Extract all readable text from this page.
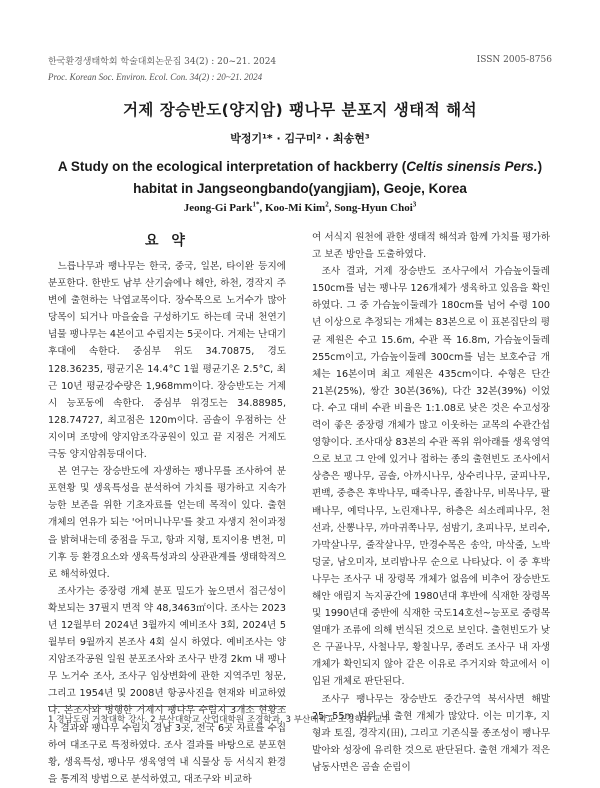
한국환경생태학회 학술대회논문집 34(2) : 20~21. 2024
Proc. Korean Soc. Environ. Ecol. Con. 34(2) : 20~21. 2024
ISSN 2005-8756
거제 장승반도(양지암) 팽나무 분포지 생태적 해석
박정기¹* · 김구미² · 최송현³
A Study on the ecological interpretation of hackberry (Celtis sinensis Pers.) habitat in Jangseongbando(yangjiam), Geoje, Korea
Jeong-Gi Park$^{1*}$, Koo-Mi Kim$^2$, Song-Hyun Choi$^3$
요 약

느릅나무과 팽나무는 한국, 중국, 일본, 타이완 등지에 분포한다. 한반도 남부 산기슭에나 해안, 하천, 경작지 주변에 출현하는 낙엽교목이다. 장수목으로 노거수가 많아 당목이 되거나 마을숲을 구성하기도 하는데 국내 천연기념물 팽나무는 4본이고 수림지는 5곳이다. 거제는 난대기후대에 속한다. 중심부 위도 34.70875, 경도 128.36235, 평균기온 14.4°C 1월 평균기온 2.5°C, 최근 10년 평균강수량은 1,968mm이다. 장승반도는 거제시 능포동에 속한다. 중심부 위경도는 34.88985, 128.74727, 최고점은 120m이다. 곰솔이 우점하는 산지이며 조망에 양지암조각공원이 있고 끝 지점은 거제도 극동 양지암취등대이다.

본 연구는 장승반도에 자생하는 팽나무를 조사하여 분포현황 및 생육특성을 분석하여 가치를 평가하고 지속가능한 보존을 위한 기초자료를 얻는데 목적이 있다. 출현 개체의 연유가 되는 '어머니나무'를 찾고 자생지 천이과정을 밝혀내는데 중점을 두고, 항과 지형, 토지이용 변천, 미기후 등 환경요소와 생육특성과의 상관관계를 생태학적으로 해석하였다.

조사가는 중장령 개체 분포 밀도가 높으면서 접근성이 확보되는 37필지 면적 약 48,3463㎡이다. 조사는 2023년 12월부터 2024년 3월까지 예비조사 3회, 2024년 5월부터 9월까지 본조사 4회 실시 하였다. 예비조사는 양지암조각공원 일원 분포조사와 조사구 반경 2km 내 팽나무 노거수 조사, 조사구 임상변화에 관한 지역주민 청문, 그리고 1954년 및 2008년 항공사진을 현재와 비교하였다. 본조사와 병행한 거제시 팽나무 수림지 3개소 현황조사 결과와 팽나무 수림지 경남 3곳, 전국 6곳 자료를 수집하여 대조구로 특정하였다. 조사 결과를 바탕으로 분포현황, 생육특성, 팽나무 생육영역 내 식물상 등 서식지 환경을 통계적 방법으로 분석하였고, 대조구와 비교하

여 서식지 원천에 관한 생태적 해석과 함께 가치를 평가하고 보존 방안을 도출하였다.

조사 결과, 거제 장승반도 조사구에서 가슴높이둘레 150cm를 넘는 팽나무 126개체가 생육하고 있음을 확인하였다. 그 중 가슴높이둘레가 180cm를 넘어 수령 100년 이상으로 추정되는 개체는 83본으로 이 표본집단의 평균 제원은 수고 15.6m, 수관 폭 16.8m, 가슴높이둘레 255cm이고, 가슴높이둘레 300cm를 넘는 보호수급 개체는 16본이며 최고 제원은 435cm이다. 수형은 단간 21본(25%), 쌍간 30본(36%), 다간 32본(39%) 이었다. 수고 대비 수관 비율은 1:1.08로 낮은 것은 수고성장력이 좋은 중장령 개체가 많고 이웃하는 교목의 수관간섭 영향이다. 조사대상 83본의 수관 폭위 위아래를 생육영역으로 보고 그 안에 있거나 접하는 종의 출현빈도 조사에서 상층은 팽나무, 곰솔, 아까시나무, 상수리나무, 굴피나무, 편백, 중층은 후박나무, 때죽나무, 졸참나무, 비목나무, 팔배나무, 예덕나무, 노린재나무, 하층은 쇠소레피나무, 천선과, 산뽕나무, 까마귀쪽나무, 섬밤기, 초피나무, 보리수, 가막살나무, 줄작살나무, 만경수목은 송악, 마삭줄, 노박덩굴, 남오미자, 보리밥나무 순으로 나타났다. 이 중 후박나무는 조사구 내 장령목 개체가 없음에 비추어 장승반도 해안 애림지 녹지공간에 1980년대 후반에 식재한 장령목 및 1990년대 중반에 식재한 국도14호선~능포로 중령목 열매가 조류에 의해 번식된 것으로 보인다. 출현빈도가 낮은 구골나무, 사철나무, 황칠나무, 종려도 조사구 내 자생 개체가 확인되지 않아 같은 이유로 주거지와 학교에서 이입된 개체로 판단된다.

조사구 팽나무는 장승반도 중간구역 북서사면 해발 25~55m 범위 내 출현 개체가 많았다. 이는 미기후, 지형과 토질, 경작지(田), 그리고 기존식물 종조성이 팽나무 발아와 성장에 유리한 것으로 판단된다. 출현 개체가 적은 남동사면은 곰솔 순림이

1 경남도립 거창대학 강사, 2 부산대학교 산업대학원 조경학과, 3 부산대학교 조경학과 교수
